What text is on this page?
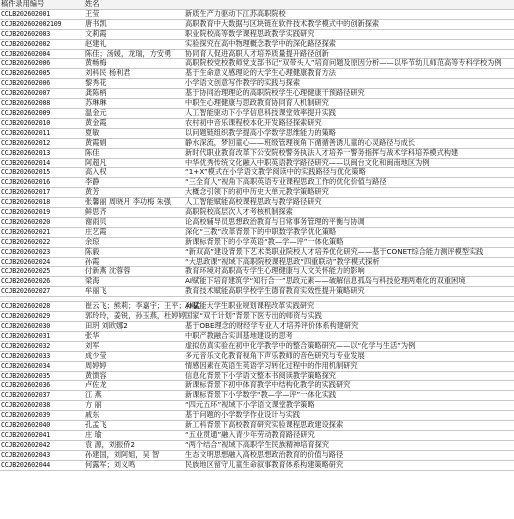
稿件录用编号	姓名	
CCLB202602001	王莹	新质生产力驱动下江苏高职院校
CCJB202602002109	唐书凯	高职教育中大数据与区块链在软件技术教学模式中的创新探索
CCJB202602003	文莉霞	职业院校高等数学课程思政教学实践研究
CCJB202602002	赵建礼	实验探究在高中物理概念教学中的深化路径探索
CCJB202602004	陈佳；汤媛，龙瑞，方安勇	协同育人促进高职人才培养质量提升路径创新
CCJB202602006	黄畅梅	高职院校党校教师党支部书记“双带头人”培育问题及原因分析——以毕节幼儿师范高等专科学校为例
CCJB202602005	刘科民 杨利君	基于生命意义感理论的大学生心理健康教育方法
CCJB202602006	黎秀花	小学语文创意写作教学的实践与探索
CCJB202602007	龚陈柄	基于协同治理理论的高职院校学生心理健康干预路径研究
CCJB202602008	苏琳琳	中职生心理健康与思政教育协同育人机制研究
CCJB202602009	温金元	人工智能驱动下小学信息科技课堂效率提升实践
CCJB202602010	黄金霞	农村初中音乐课程校本化开发路径探索研究
CCJB202602011	夏敏	以问题链组织教学提高小学数学思维能力的策略
CCJB202602012	黄霞娟	静水深流，梦回童心——班级管理视角下循循善诱儿童的心灵路径与成长
CCJB202602013	陈佳	新时代职业教育改革下公安院校警务执法人才培养一警务指挥与战术学科培养模式构建
CCJB202602014	阿超凡	中华优秀传统文化融入中职英语教学路径研究——以闽台文化和闽南地区为例
CCJB202602015	高入权	“1+X”模式在小学语文教学阅读中的实践路径与优化策略
CCJB202602016	李静	“三全育人”视角下高职英语专业课程思政工作的优化价值与路径
CCJB202602017	黄芳	大概念引领下的初中历史大单元教学策略研究
CCJB202602018	张馨丽 周晓月 李功梅 朱强	人工智能赋能高校课程思政与教学路径研究
CCJB202602019	鲜思齐	高职院校高层次人才考核机制探索
CCJB202602020	谢雨贝	论高校辅导员思想政治教育与日常事务管理的平衡与协调
CCJB202602021	庄艺霞	深化“三教”改革背景下的中职数学教学优化策略
CCJB202602022	余琼	新课标背景下的小学英语“教—学—评”一体化策略
CCJB202602023	陈毅	“新双高”建设背景下艺术类职业院校人才培养优化研究——基于CONET综合能力测评模型实践
CCJB202602024	孙霞	“大思政课”视域下高职院校课程思政“四重联动”教学模式探析
CCJB202602025	付新燕 沈蓉蓉	教育环境对高职高专学生心理健康与人文关怀能力的影响
CCJB202602026	梁海	AI赋能下培育建筑学“知行合一”思政元素——破解信息孤岛与科技伦理两难化的双重困境
CCJB202602027	牟丽飞	教育技术赋能高职学校学生德育教育实效性提升策略研究

CCJB202602028	崔云飞；熊莉；李嘉宇；王平；孙猛	AI赋能大学生职业规划课程改革实践研究
CCJB202602029	郭玲玲，姜锐，孙玉燕，杜婷婷	国家“双千计划”背景下医专出的师资与实践
CCJB202602030	田玥 刘欧娜2	基于OBE理念的财经学专业人才培养评价体系构建研究
CCJB202602031	张华	中职产教融合实训基地建设的思考
CCJB202602032	刘军	虚拟仿真实验在初中化学教学中的整合策略研究——以“化学与生活”为例
CCJB202602033	成少莹	多元音乐文化教育视角下声乐教师的音色研究与专业发展
CCJB202602034	周婷婷	情感因素在英语生英语学习转化过程中的作用机制研究
CCJB202602035	黄馈容	信息化背景下小学语文整本书阅读教学策略探究
CCJB202602036	卢佐龙	新课标背景下初中体育教学中结构化教学的实践研究
CCJB202602037	江 燕	新课标背景下小学数学“教—学—评”一体化实践
CCJB202602038	方 丽	“四元五环”视域下小学语文课堂教学策略
CCJB202602039	戚东	基于问题的小学数学作业设计与实践
CCJB202602040	孔孟飞	新工科背景下高校教育研究实验课程思政建设探索
CCJB202602041	庄 瑜	“五业贯通”融入青少年劳动教育路径研究
CCJB202602042	袁 源，刘振侨2	“两个结合”视域下高职学生民族精神培育探究
CCJB202602043	孙建国，刘阿姐，吴 智	生态文明思想融入高校思想政治教育的价值与路径
CCJB202602044	何露军；刘义鸣	民族地区留守儿童生命叙事教育体系构建策略研究
